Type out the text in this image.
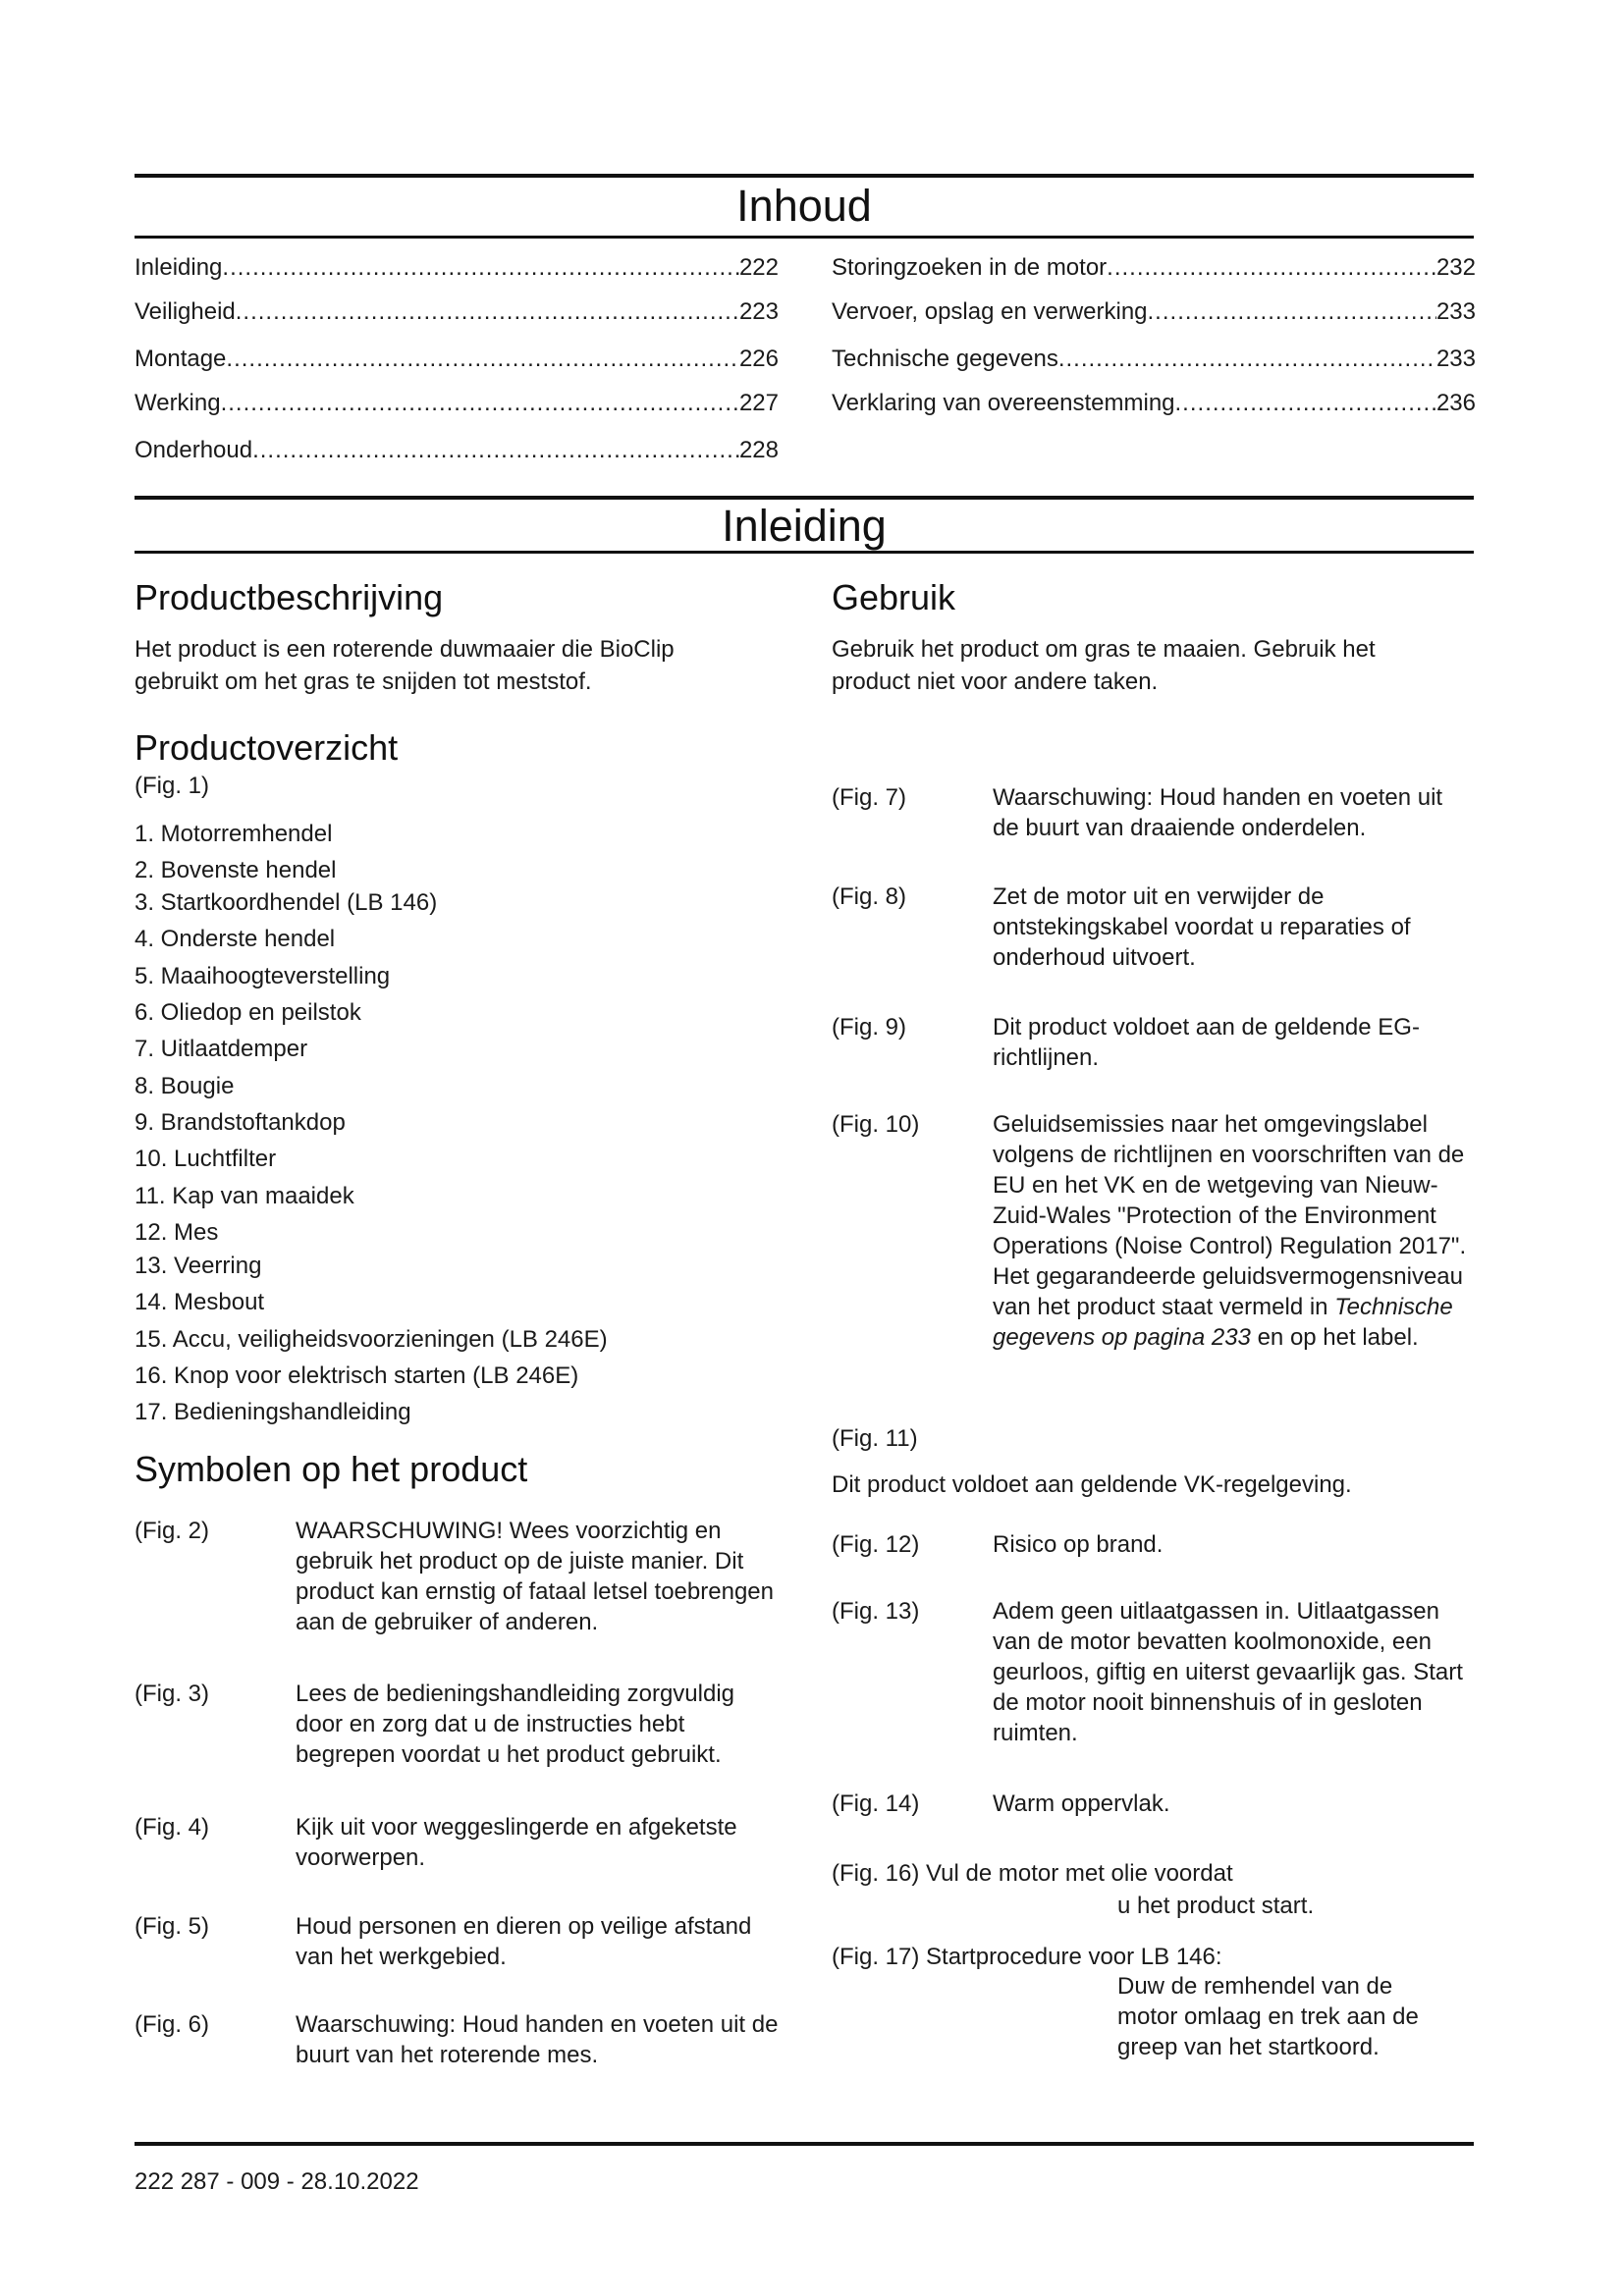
Inhoud
Inleiding .....	222
Veiligheid .....	223
Montage .....	226
Werking .....	227
Onderhoud .....	228
Storingzoeken in de motor .....	232
Vervoer, opslag en verwerking .....	233
Technische gegevens .....	233
Verklaring van overeenstemming .....	236
Inleiding
Productbeschrijving
Het product is een roterende duwmaaier die BioClip gebruikt om het gras te snijden tot meststof.
Productoverzicht
(Fig. 1)
1. Motorremhendel
2. Bovenste hendel
3. Startkoordhendel (LB 146)
4. Onderste hendel
5. Maaihoogteverstelling
6. Oliedop en peilstok
7. Uitlaatdemper
8. Bougie
9. Brandstoftankdop
10. Luchtfilter
11. Kap van maaidek
12. Mes
13. Veerring
14. Mesbout
15. Accu, veiligheidsvoorzieningen (LB 246E)
16. Knop voor elektrisch starten (LB 246E)
17. Bedieningshandleiding
Symbolen op het product
(Fig. 2)	WAARSCHUWING! Wees voorzichtig en gebruik het product op de juiste manier. Dit product kan ernstig of fataal letsel toebrengen aan de gebruiker of anderen.
(Fig. 3)	Lees de bedieningshandleiding zorgvuldig door en zorg dat u de instructies hebt begrepen voordat u het product gebruikt.
(Fig. 4)	Kijk uit voor weggeslingerde en afgeketste voorwerpen.
(Fig. 5)	Houd personen en dieren op veilige afstand van het werkgebied.
(Fig. 6)	Waarschuwing: Houd handen en voeten uit de buurt van het roterende mes.
Gebruik
Gebruik het product om gras te maaien. Gebruik het product niet voor andere taken.
(Fig. 7)	Waarschuwing: Houd handen en voeten uit de buurt van draaiende onderdelen.
(Fig. 8)	Zet de motor uit en verwijder de ontstekingskabel voordat u reparaties of onderhoud uitvoert.
(Fig. 9)	Dit product voldoet aan de geldende EG-richtlijnen.
(Fig. 10)	Geluidsemissies naar het omgevingslabel volgens de richtlijnen en voorschriften van de EU en het VK en de wetgeving van Nieuw-Zuid-Wales "Protection of the Environment Operations (Noise Control) Regulation 2017". Het gegarandeerde geluidsvermogensniveau van het product staat vermeld in Technische gegevens op pagina 233 en op het label.
(Fig. 11)
Dit product voldoet aan geldende VK-regelgeving.
(Fig. 12)	Risico op brand.
(Fig. 13)	Adem geen uitlaatgassen in. Uitlaatgassen van de motor bevatten koolmonoxide, een geurloos, giftig en uiterst gevaarlijk gas. Start de motor nooit binnenshuis of in gesloten ruimten.
(Fig. 14)	Warm oppervlak.
(Fig. 16) Vul de motor met olie voordat
u het product start.
(Fig. 17) Startprocedure voor LB 146:
Duw de remhendel van de motor omlaag en trek aan de greep van het startkoord.
222 287 - 009 - 28.10.2022
